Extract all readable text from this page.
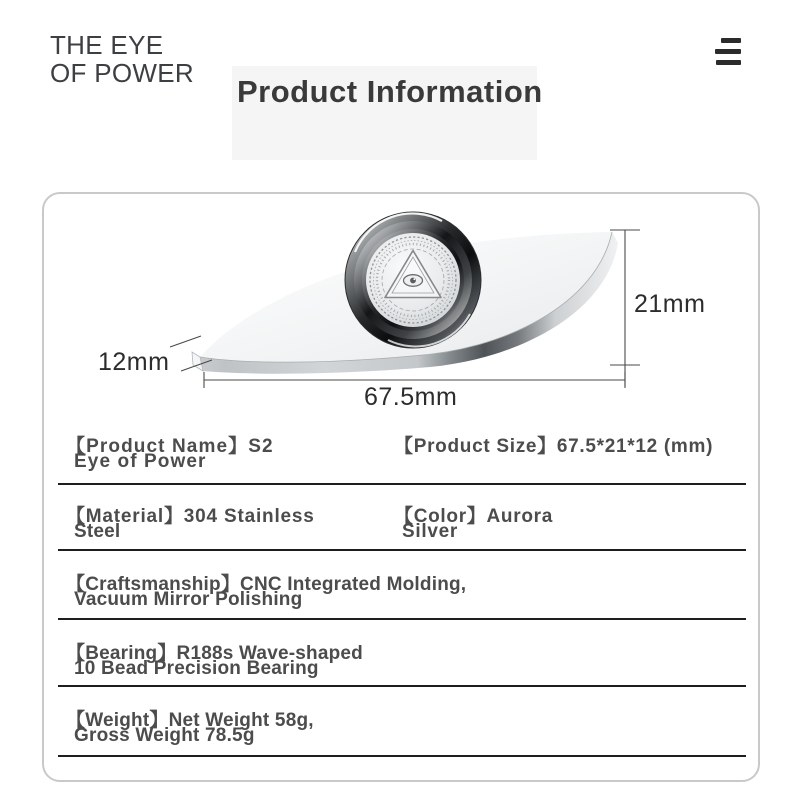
THE EYE
OF POWER
Product Information
21mm
12mm
67.5mm
【Product Name】S2
Eye of Power
【Product Size】67.5*21*12 (mm)
【Material】304 Stainless
Steel
【Color】Aurora
Silver
【Craftsmanship】CNC Integrated Molding,
Vacuum Mirror Polishing
【Bearing】R188s Wave-shaped
10 Bead Precision Bearing
【Weight】Net Weight 58g,
Gross Weight 78.5g
